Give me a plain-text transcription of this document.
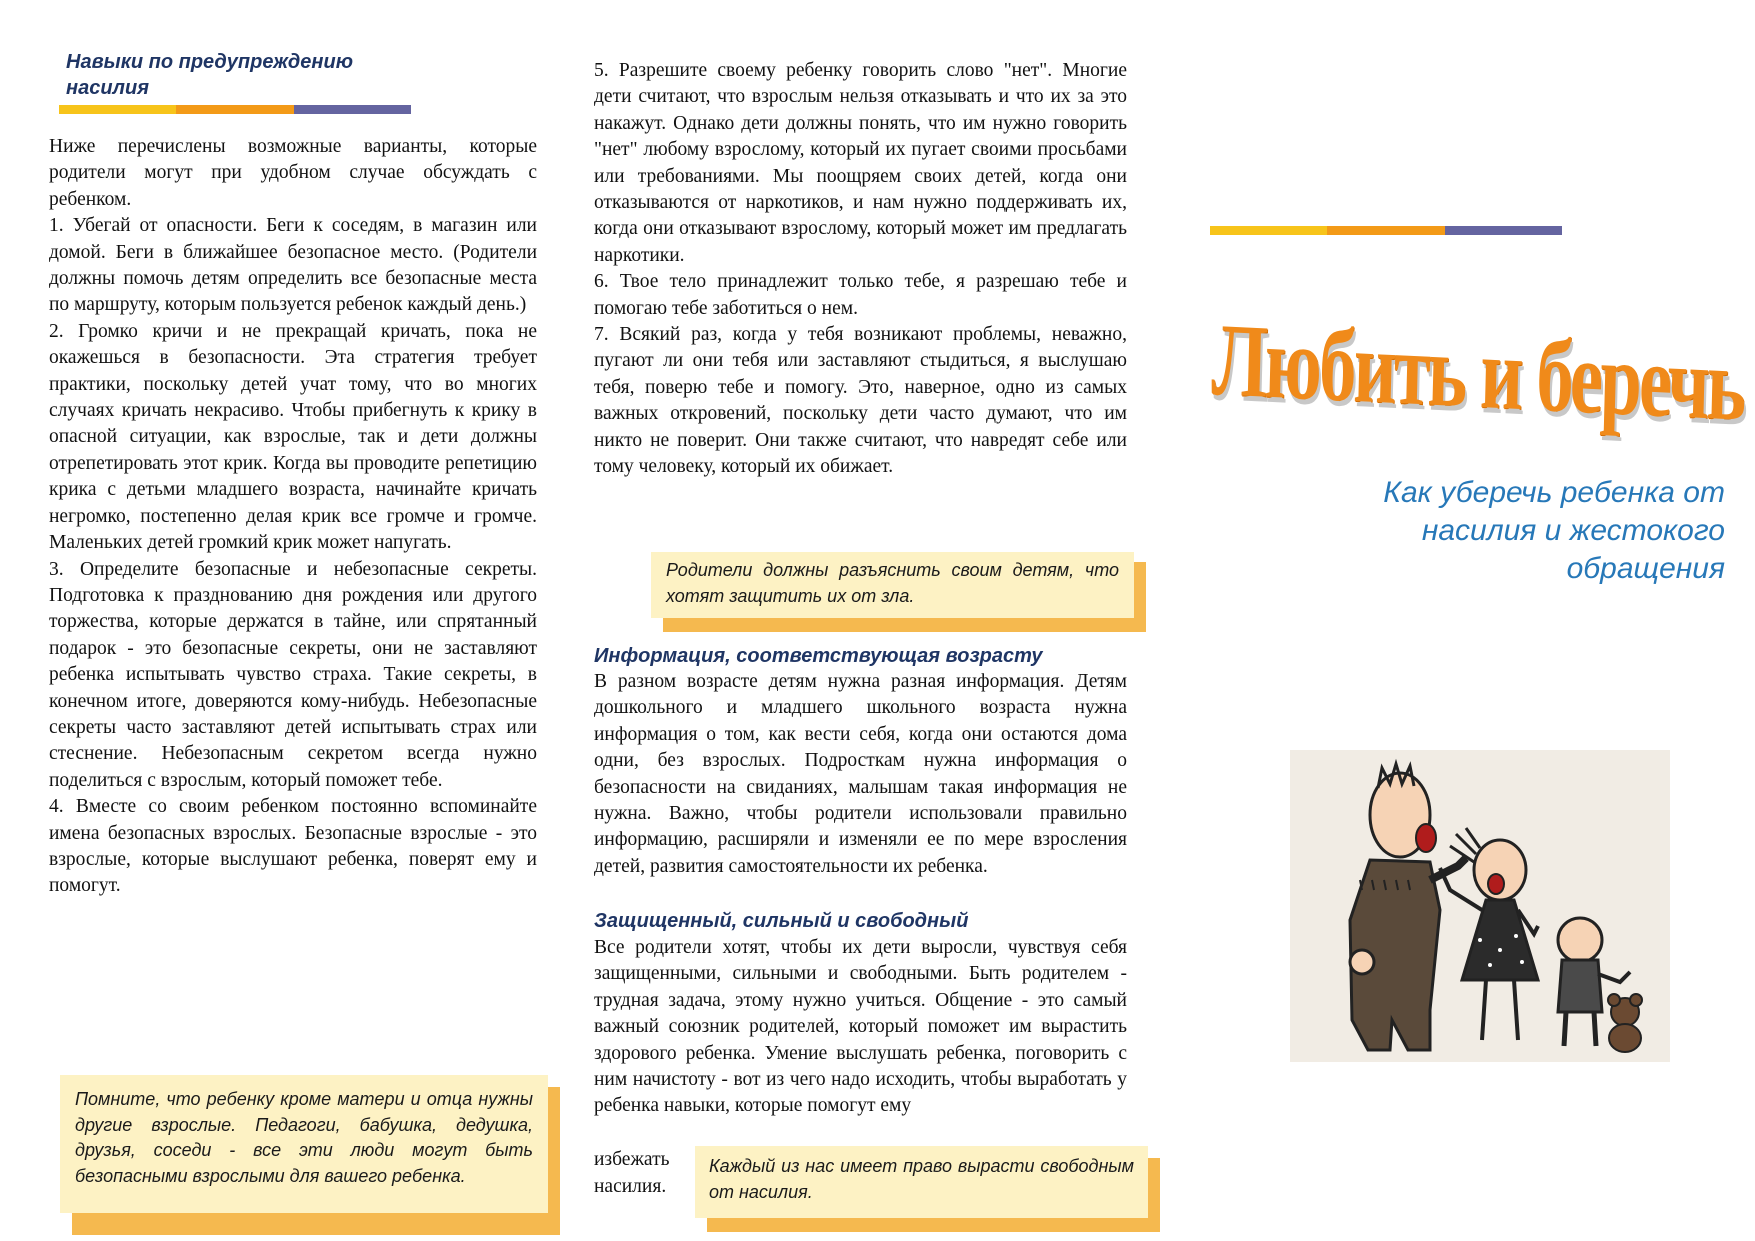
Навыки по предупреждению насилия

Ниже перечислены возможные варианты, которые родители могут при удобном случае обсуждать с ребенком.

1. Убегай от опасности. Беги к соседям, в магазин или домой. Беги в ближайшее безопасное место. (Родители должны помочь детям определить все безопасные места по маршруту, которым пользуется ребенок каждый день.)

2. Громко кричи и не прекращай кричать, пока не окажешься в безопасности. Эта стратегия требует практики, поскольку детей учат тому, что во многих случаях кричать некрасиво. Чтобы прибегнуть к крику в опасной ситуации, как взрослые, так и дети должны отрепетировать этот крик. Когда вы проводите репетицию крика с детьми младшего возраста, начинайте кричать негромко, постепенно делая крик все громче и громче. Маленьких детей громкий крик может напугать.

3. Определите безопасные и небезопасные секреты. Подготовка к празднованию дня рождения или другого торжества, которые держатся в тайне, или спрятанный подарок - это безопасные секреты, они не заставляют ребенка испытывать чувство страха. Такие секреты, в конечном итоге, доверяются кому-нибудь. Небезопасные секреты часто заставляют детей испытывать страх или стеснение. Небезопасным секретом всегда нужно поделиться с взрослым, который поможет тебе.

4. Вместе со своим ребенком постоянно вспоминайте имена безопасных взрослых. Безопасные взрослые - это взрослые, которые выслушают ребенка, поверят ему и помогут.

Помните, что ребенку кроме матери и отца нужны другие взрослые. Педагоги, бабушка, дедушка, друзья, соседи - все эти люди могут быть безопасными взрослыми для вашего ребенка.

5. Разрешите своему ребенку говорить слово "нет". Многие дети считают, что взрослым нельзя отказывать и что их за это накажут. Однако дети должны понять, что им нужно говорить "нет" любому взрослому, который их пугает своими просьбами или требованиями. Мы поощряем своих детей, когда они отказываются от наркотиков, и нам нужно поддерживать их, когда они отказывают взрослому, который может им предлагать наркотики.

6. Твое тело принадлежит только тебе, я разрешаю тебе и помогаю тебе заботиться о нем.

7. Всякий раз, когда у тебя возникают проблемы, неважно, пугают ли они тебя или заставляют стыдиться, я выслушаю тебя, поверю тебе и помогу. Это, наверное, одно из самых важных откровений, поскольку дети часто думают, что им никто не поверит. Они также считают, что навредят себе или тому человеку, который их обижает.

Родители должны разъяснить своим детям, что хотят защитить их от зла.
Информация, соответствующая возрасту

В разном возрасте детям нужна разная информация. Детям дошкольного и младшего школьного возраста нужна информация о том, как вести себя, когда они остаются дома одни, без взрослых. Подросткам нужна информация о безопасности на свиданиях, малышам такая информация не нужна. Важно, чтобы родители использовали правильно информацию, расширяли и изменяли ее по мере взросления детей, развития самостоятельности их ребенка.

Защищенный, сильный и свободный

Все родители хотят, чтобы их дети выросли, чувствуя себя защищенными, сильными и свободными. Быть родителем - трудная задача, этому нужно учиться. Общение - это самый важный союзник родителей, который поможет им вырастить здорового ребенка. Умение выслушать ребенка, поговорить с ним начистоту - вот из чего надо исходить, чтобы выработать у ребенка навыки, которые помогут ему

избежать
насилия.
Каждый из нас имеет право вырасти свободным от насилия.
Любить и беречь
Как уберечь ребенка от
насилия и жестокого
обращения
